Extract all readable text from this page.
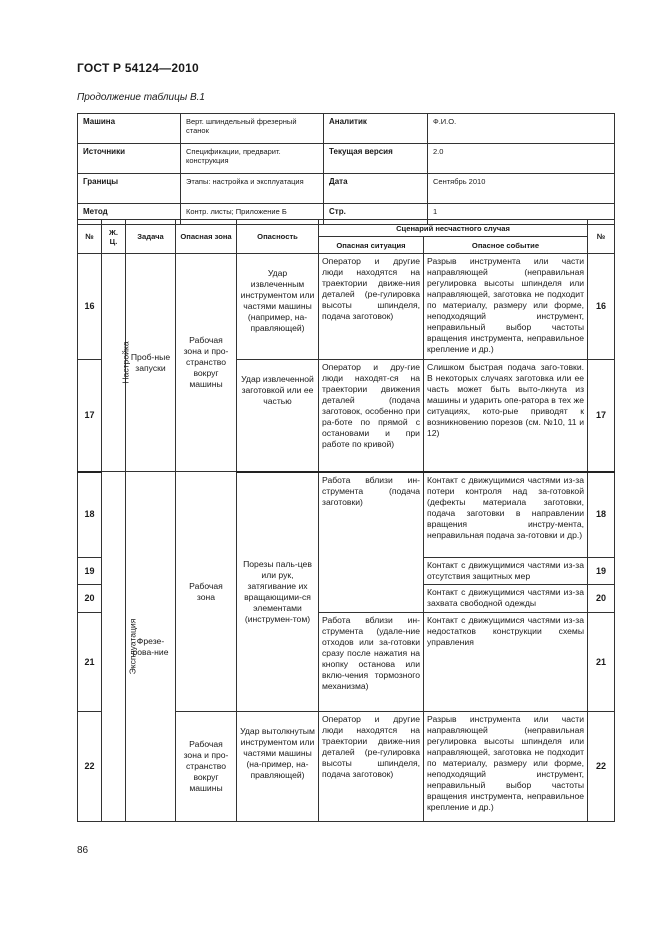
ГОСТ Р 54124—2010
Продолжение таблицы В.1
Машина	Верт. шпиндельный фрезерный станок	Аналитик	Ф.И.О.
Источники	Спецификации, предварит. конструкция	Текущая версия	2.0
Границы	Этапы: настройка и эксплуатация	Дата	Сентябрь 2010
Метод	Контр. листы; Приложение Б	Стр.	1
№	Ж. Ц.	Задача	Опасная зона	Опасность	Сценарий несчастного случая		№
					Опасная ситуация	Опасное событие	
16	Настройка	Проб-ные запуски	Рабочая зона и про-странство вокруг машины	Удар извлеченным инструментом или частями машины (например, на-правляющей)	Оператор и другие люди находятся на траектории движе-ния деталей (ре-гулировка высоты шпинделя, подача заготовок)	Разрыв инструмента или части направляющей (неправильная регулировка высоты шпинделя или направляющей, заготовка не подходит по материалу, размеру или форме, неподходящий инструмент, неправильный выбор частоты вращения инструмента, неправильное крепление и др.)	16
17				Удар извлеченной заготовкой или ее частью	Оператор и дру-гие люди находят-ся на траектории движения деталей (подача заготовок, особенно при ра-боте по прямой с остановами и при работе по кривой)	Слишком быстрая подача заго-товки. В некоторых случаях заготовка или ее часть может быть выто-лкнута из машины и ударить опе-ратора в тех же ситуациях, кото-рые приводят к возникновению порезов (см. №10, 11 и 12)	17
18	Эксплуатация	Фрезе-рова-ние	Рабочая зона	Порезы паль-цев или рук, затягивание их вращающими-ся элементами (инструмен-том)	Работа вблизи ин-струмента (подача заготовки)	Контакт с движущимися частями из-за потери контроля над за-готовкой (дефекты материала заготовки, подача заготовки в направлении вращения инстру-мента, неправильная подача за-готовки и др.)	18
19						Контакт с движущимися частями из-за отсутствия защитных мер	19
20						Контакт с движущимися частями из-за захвата свободной одежды	20
21					Работа вблизи ин-струмента (удале-ние отходов или за-готовки сразу после нажатия на кнопку останова или вклю-чения тормозного механизма)	Контакт с движущимися частями из-за недостатков конструкции схемы управления	21
22			Рабочая зона и про-странство вокруг машины	Удар вытолкнутым инструментом или частями машины (на-пример, на-правляющей)	Оператор и другие люди находятся на траектории движе-ния деталей (ре-гулировка высоты шпинделя, подача заготовок)	Разрыв инструмента или части направляющей (неправильная регулировка высоты шпинделя или направляющей, заготовка не подходит по материалу, размеру или форме, неподходящий инструмент, неправильный выбор частоты вращения инструмента, неправильное крепление и др.)	22
86
